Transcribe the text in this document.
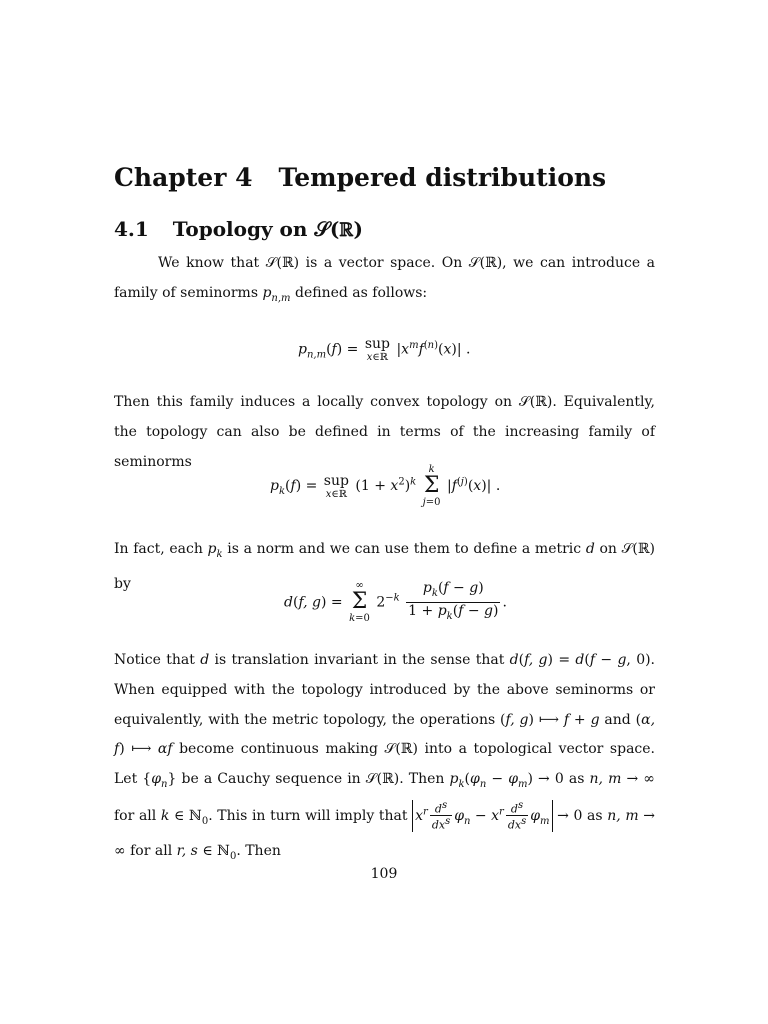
Chapter 4 Tempered distributions
4.1 Topology on 𝒮(ℝ)
We know that 𝒮(ℝ) is a vector space. On 𝒮(ℝ), we can introduce a family of seminorms $p_{n,m}$ defined as follows:
$p_{n,m}(f)$ = sup
x∈ℝ $|x^mf^{(n)}(x)|$ .
Then this family induces a locally convex topology on 𝒮(ℝ). Equivalently, the topology can also be defined in terms of the increasing family of seminorms
$p_k(f)$ = sup
x∈ℝ $(1 + x^2)^k$
k
Σ
j=0
$|f^{(j)}(x)|$ .
In fact, each $p_k$ is a norm and we can use them to define a metric d on 𝒮(ℝ) by
d(f, g) =
∞
Σ
k=0
$2^{-k} \frac{p_k(f - g)}{1 + p_k(f - g)}$ .
Notice that d is translation invariant in the sense that d(f, g) = d(f − g, 0). When equipped with the topology introduced by the above seminorms or equivalently, with the metric topology, the operations (f, g) ⟼ f + g and (α, f) ⟼ αf become continuous making 𝒮(ℝ) into a topological vector space. Let $\{\varphi_n\}$ be a Cauchy sequence in 𝒮(ℝ). Then $p_k(\varphi_n - \varphi_m) \to 0$ as n, m → ∞ for all k ∈ ℕ$_0$. This in turn will imply that $x^r \frac{d^s}{dx^s} \varphi_n - x^r \frac{d^s}{dx^s} \varphi_m \to 0$ as n, m → ∞ for all r, s ∈ ℕ$_0$. Then
109
